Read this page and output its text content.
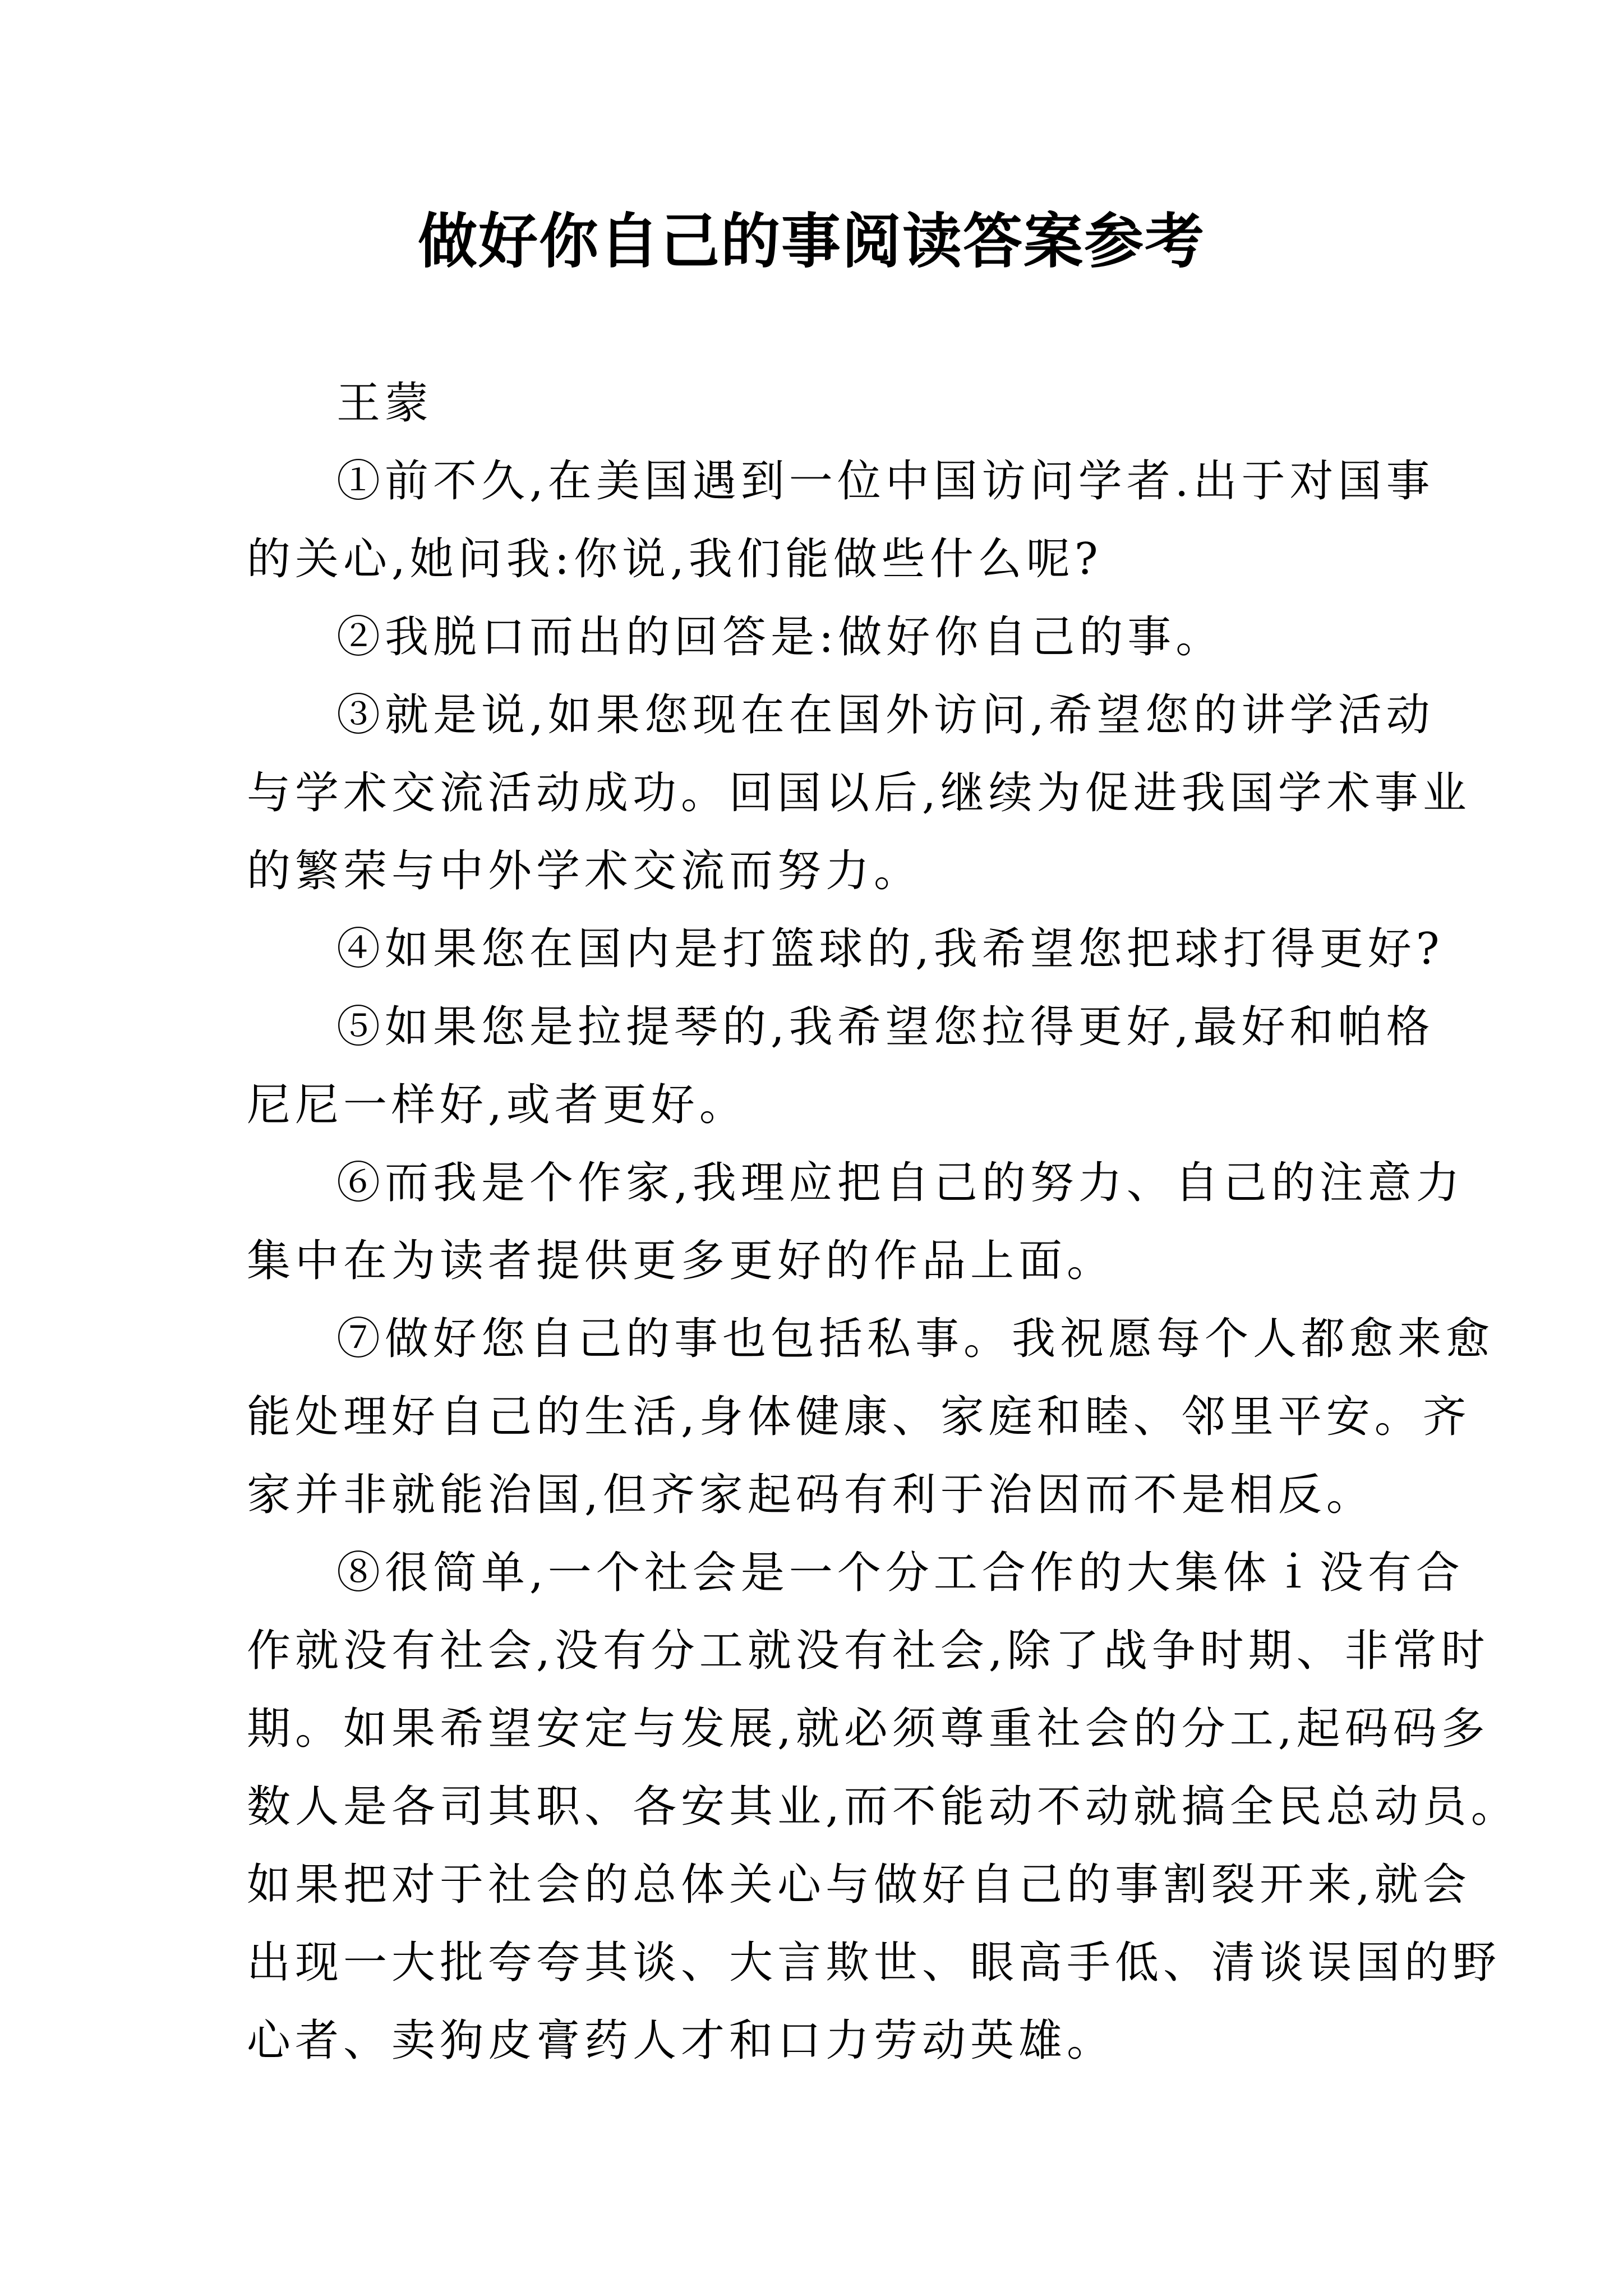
做好你自己的事阅读答案参考
王蒙
①前不久,在美国遇到一位中国访问学者.出于对国事
的关心,她问我:你说,我们能做些什么呢?
②我脱口而出的回答是:做好你自己的事。
③就是说,如果您现在在国外访问,希望您的讲学活动
与学术交流活动成功。回国以后,继续为促进我国学术事业
的繁荣与中外学术交流而努力。
④如果您在国内是打篮球的,我希望您把球打得更好?
⑤如果您是拉提琴的,我希望您拉得更好,最好和帕格
尼尼一样好,或者更好。
⑥而我是个作家,我理应把自己的努力、自己的注意力
集中在为读者提供更多更好的作品上面。
⑦做好您自己的事也包括私事。我祝愿每个人都愈来愈
能处理好自己的生活,身体健康、家庭和睦、邻里平安。齐
家并非就能治国,但齐家起码有利于治因而不是相反。
⑧很简单,一个社会是一个分工合作的大集体ｉ没有合
作就没有社会,没有分工就没有社会,除了战争时期、非常时
期。如果希望安定与发展,就必须尊重社会的分工,起码码多
数人是各司其职、各安其业,而不能动不动就搞全民总动员。
如果把对于社会的总体关心与做好自己的事割裂开来,就会
出现一大批夸夸其谈、大言欺世、眼高手低、清谈误国的野
心者、卖狗皮膏药人才和口力劳动英雄。
